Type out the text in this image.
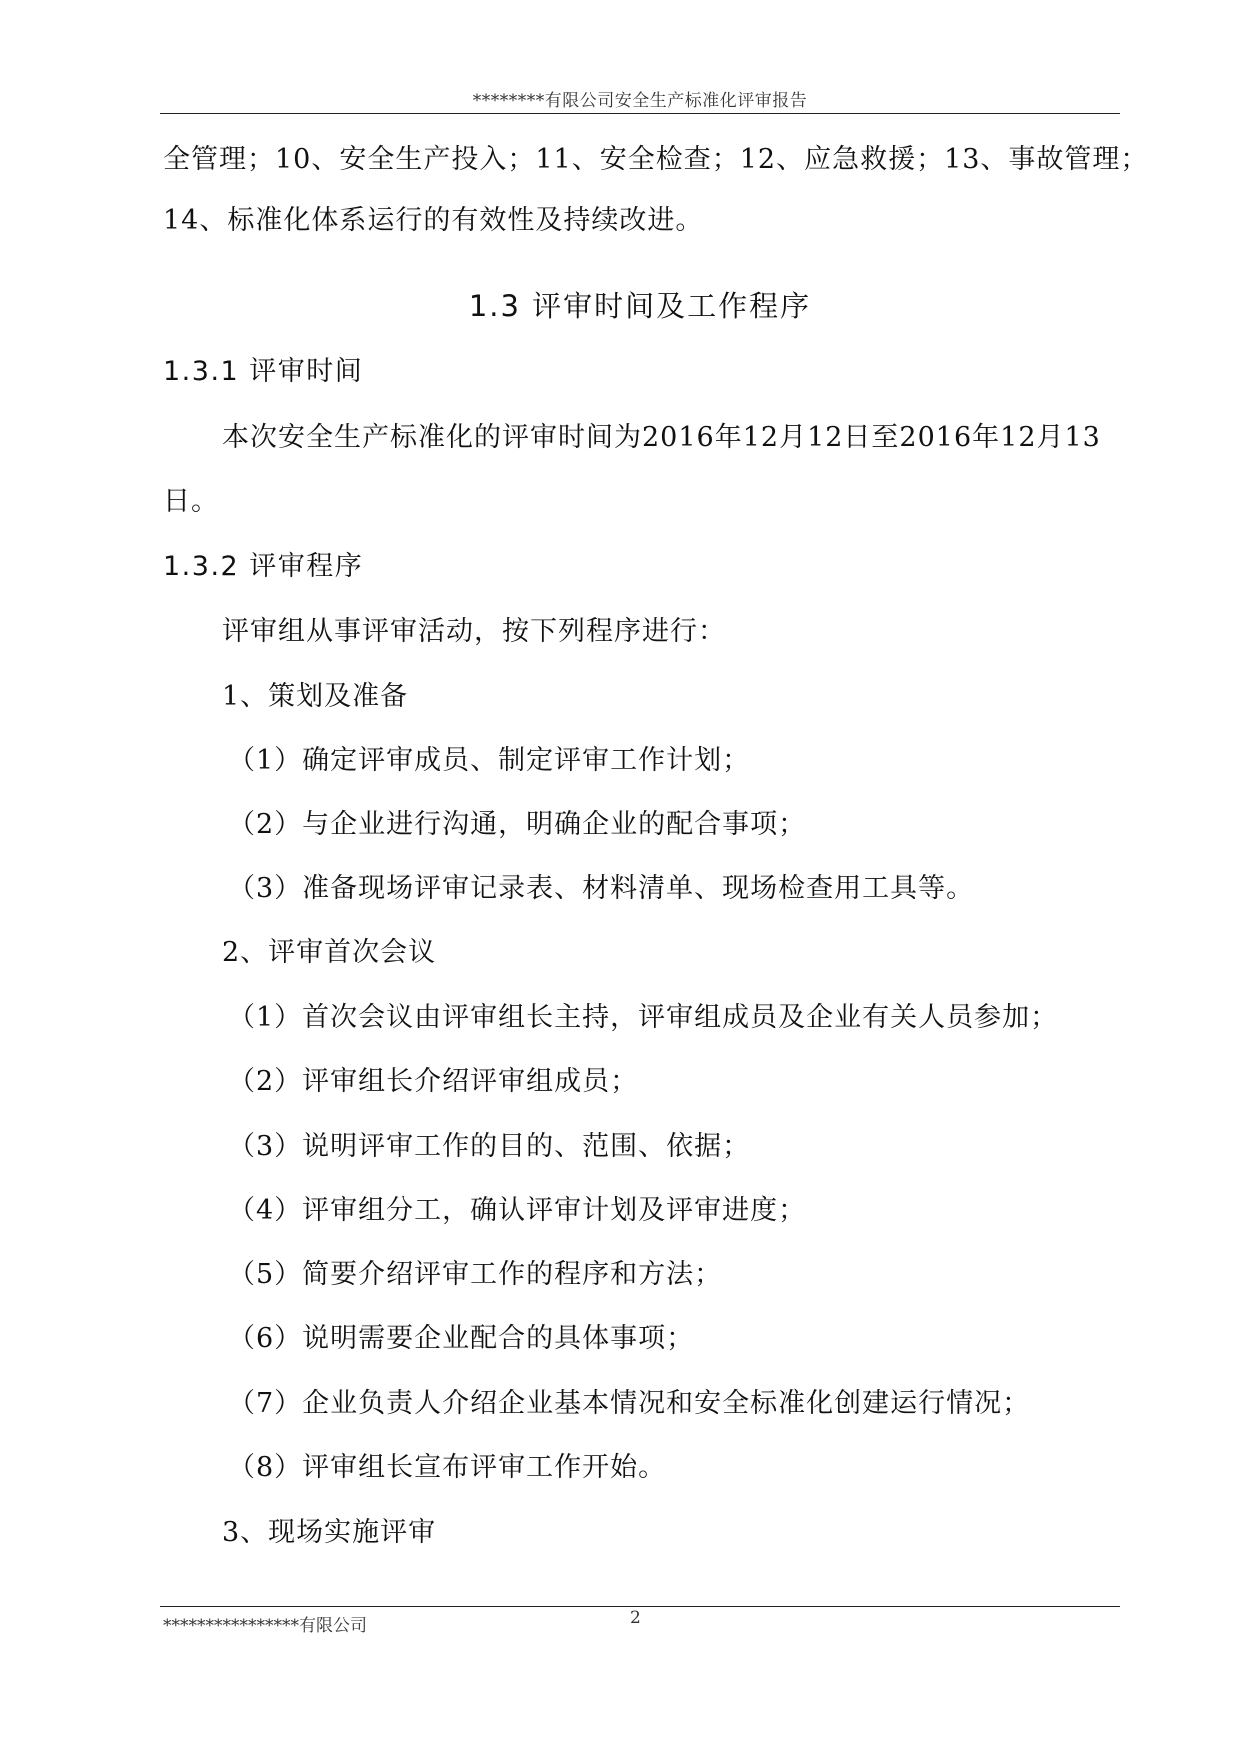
********有限公司安全生产标准化评审报告
全管理；10、安全生产投入；11、安全检查；12、应急救援；13、事故管理；
14、标准化体系运行的有效性及持续改进。
1.3 评审时间及工作程序
1.3.1 评审时间
本次安全生产标准化的评审时间为2016年12月12日至2016年12月13
日。
1.3.2 评审程序
评审组从事评审活动，按下列程序进行：
1、策划及准备
（1）确定评审成员、制定评审工作计划；
（2）与企业进行沟通，明确企业的配合事项；
（3）准备现场评审记录表、材料清单、现场检查用工具等。
2、评审首次会议
（1）首次会议由评审组长主持，评审组成员及企业有关人员参加；
（2）评审组长介绍评审组成员；
（3）说明评审工作的目的、范围、依据；
（4）评审组分工，确认评审计划及评审进度；
（5）简要介绍评审工作的程序和方法；
（6）说明需要企业配合的具体事项；
（7）企业负责人介绍企业基本情况和安全标准化创建运行情况；
（8）评审组长宣布评审工作开始。
3、现场实施评审
****************有限公司	2
